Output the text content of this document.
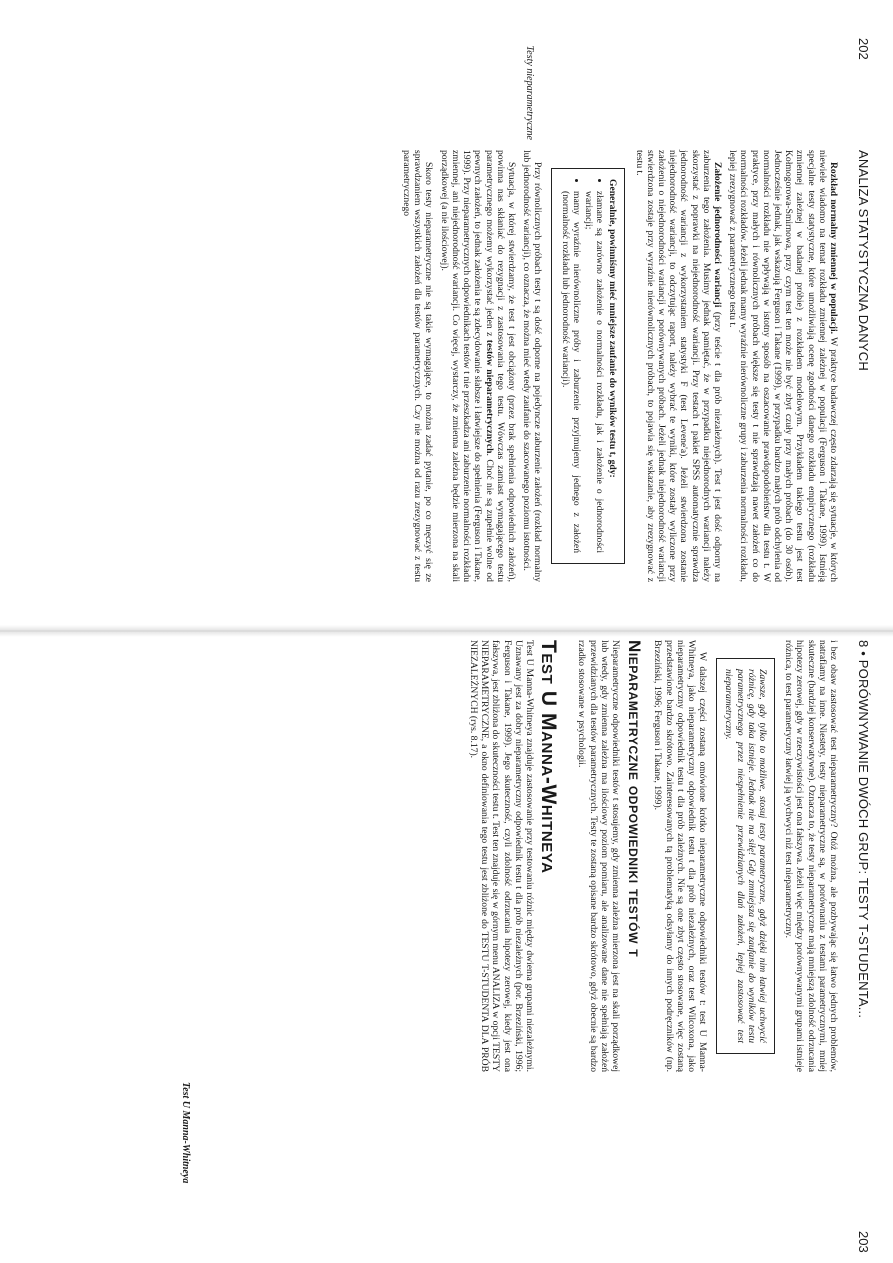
202
ANALIZA STATYSTYCZNA DANYCH
Testy nieparametryczne

Rozkład normalny zmiennej w populacji. W praktyce badawczej często zdarzają się sytuacje, w których niewiele wiadomo na temat rozkładu zmiennej zależnej w populacji (Ferguson i Takane, 1999). Istnieją specjalne testy statystyczne, które umożliwiają ocenę zgodności danego rozkładu empirycznego (rozkładu zmiennej zależnej w badanej próbie) z rozkładem modelowym. Przykładem takiego testu jest test Kołmogorowa-Smirnowa, przy czym test ten może nie być zbyt czuły przy małych próbach (do 30 osób). Jednocześnie jednak, jak wskazują Ferguson i Takane (1999), w przypadku bardzo małych prób odchylenia od normalności rozkładu nie wpływają w istotny sposób na oszacowanie prawdopodobieństw dla testu t. W praktyce, przy małych i równolicznych próbach większe się testy t nie sprawdzają nawet założeń co do normalności rozkładów. Jeżeli jednak mamy wyraźnie nierównoliczne grupy i zaburzenia normalności rozkładu, lepiej zrezygnować z parametrycznego testu t.

Założenie jednorodności wariancji (przy teście t dla prób niezależnych). Test t jest dość odporny na zaburzenia tego założenia. Musimy jednak pamiętać, że w przypadku niejednorodnych wariancji należy skorzystać z poprawki na niejednorodność wariancji. Przy testach t pakiet SPSS automatycznie sprawdza jednorodność wariancji z wykorzystaniem statystyki F (test Levene'a). Jeżeli stwierdzona zostanie niejednorodność wariancji, to odczytując raport, należy wybrać te wyniki, które zostały wyliczone przy założeniu o niejednorodności wariancji w porównywanych próbach. Jeżeli jednak niejednorodność wariancji stwierdzona zostaje przy wyraźnie nierównolicznych próbach, to pojawia się wskazanie, aby zrezygnować z testu t.

Generalnie, powinniśmy mieć mniejsze zaufanie do wyników testu t, gdy:
• złamane są zarówno założenie o normalności rozkładu, jak i założenie o jednorodności wariancji;
• mamy wyraźnie nierównoliczne próby i zaburzenie przyjmujemy jednego z założeń (normalność rozkładu lub jednorodność wariancji).

Przy równolicznych próbach testy t są dość odporne na pojedyncze zaburzenie założeń (rozkład normalny lub jednorodność wariancji), co oznacza, że można mieć wtedy zaufanie do szacowanego poziomu istotności.

Sytuacja, w której stwierdzamy, że test t jest obciążony (przez brak spełnienia odpowiednich założeń), powinna nas skłaniać do rezygnacji z zastosowania tego testu. Wówczas zamiast wymagającego testu parametrycznego możemy wykorzystać jeden z testów nieparametrycznych. Choć nie są zupełnie wolne od pewnych założeń, to jednak założenia te są zdecydowanie słabsze i łatwiejsze do spełnienia (Ferguson i Takane, 1999). Przy nieparametrycznych odpowiednikach testów t nie przeszkadza ani zaburzenie normalności rozkładu zmiennej, ani niejednorodność wariancji. Co więcej, wystarczy, że zmienna zależna będzie mierzona na skali porządkowej (a nie ilościowej).

Skoro testy nieparametryczne nie są takie wymagające, to można zadać pytanie, po co męczyć się ze sprawdzaniem wszystkich założeń dla testów parametrycznych. Czy nie można od razu zrezygnować z testu parametrycznego

8 • PORÓWNYWANIE DWÓCH GRUP: TESTY T-STUDENTA...
203
Test U Manna-Whitneya

i bez obaw zastosować test nieparametryczny? Otóż można, ale pozbywając się łatwo jednych problemów, natrafiamy na inne. Niestety, testy nieparametryczne są, w porównaniu z testami parametrycznymi, mniej skuteczne (bardziej konserwatywne). Oznacza to, że testy nieparametryczne mają mniejszą zdolność odrzucania hipotezy zerowej, gdy w rzeczywistości jest ona fałszywa. Jeżeli więc między porównywanymi grupami istnieje różnica, to test parametryczny łatwiej ją wychwyci niż test nieparametryczny.

Zawsze, gdy tylko to możliwe, stosuj testy parametryczne, gdyż dzięki nim łatwiej uchwycić różnicę, gdy taka istnieje. Jednak nie na siłę! Gdy zmniejsza się zaufanie do wyników testu parametrycznego przez niespełnienie przewidzianych dlań założeń, lepiej zastosować test nieparametryczny.

W dalszej części zostaną omówione krótko nieparametryczne odpowiedniki testów t: test U Manna-Whitneya, jako nieparametryczny odpowiednik testu t dla prób niezależnych, oraz test Wilcoxona, jako nieparametryczny odpowiednik testu t dla prób zależnych. Nie są one zbyt często stosowane, więc zostaną przedstawione bardzo skrótowo. Zainteresowanych tą problematyką odsyłamy do innych podręczników (np. Brzeziński, 1996; Ferguson i Takane, 1999).

Nieparametryczne odpowiedniki testów t

Nieparametryczne odpowiedniki testów t stosujemy, gdy zmienna zależna mierzona jest na skali porządkowej lub wtedy, gdy zmienna zależna ma ilościowy poziom pomiaru, ale analizowane dane nie spełniają założeń przewidzianych dla testów parametrycznych. Testy te zostaną opisane bardzo skrótowo, gdyż obecnie są bardzo rzadko stosowane w psychologii.

Test U Manna-Whitneya

Test U Manna-Whitneya znajduje zastosowanie przy testowaniu różnic między dwiema grupami niezależnymi. Uznawany jest za dobry nieparametryczny odpowiednik testu t dla prób niezależnych (por. Brzeziński, 1996; Ferguson i Takane, 1999). Jego skuteczność, czyli zdolność odrzucania hipotezy zerowej, kiedy jest ona fałszywa, jest zbliżona do skuteczności testu t. Test ten znajduje się w górnym menu ANALIZA w opcji TESTY NIEPARAMETRYCZNE, a okno definiowania tego testu jest zbliżone do TESTU T-STUDENTA DLA PRÓB NIEZALEŻNYCH (rys. 8.17).
